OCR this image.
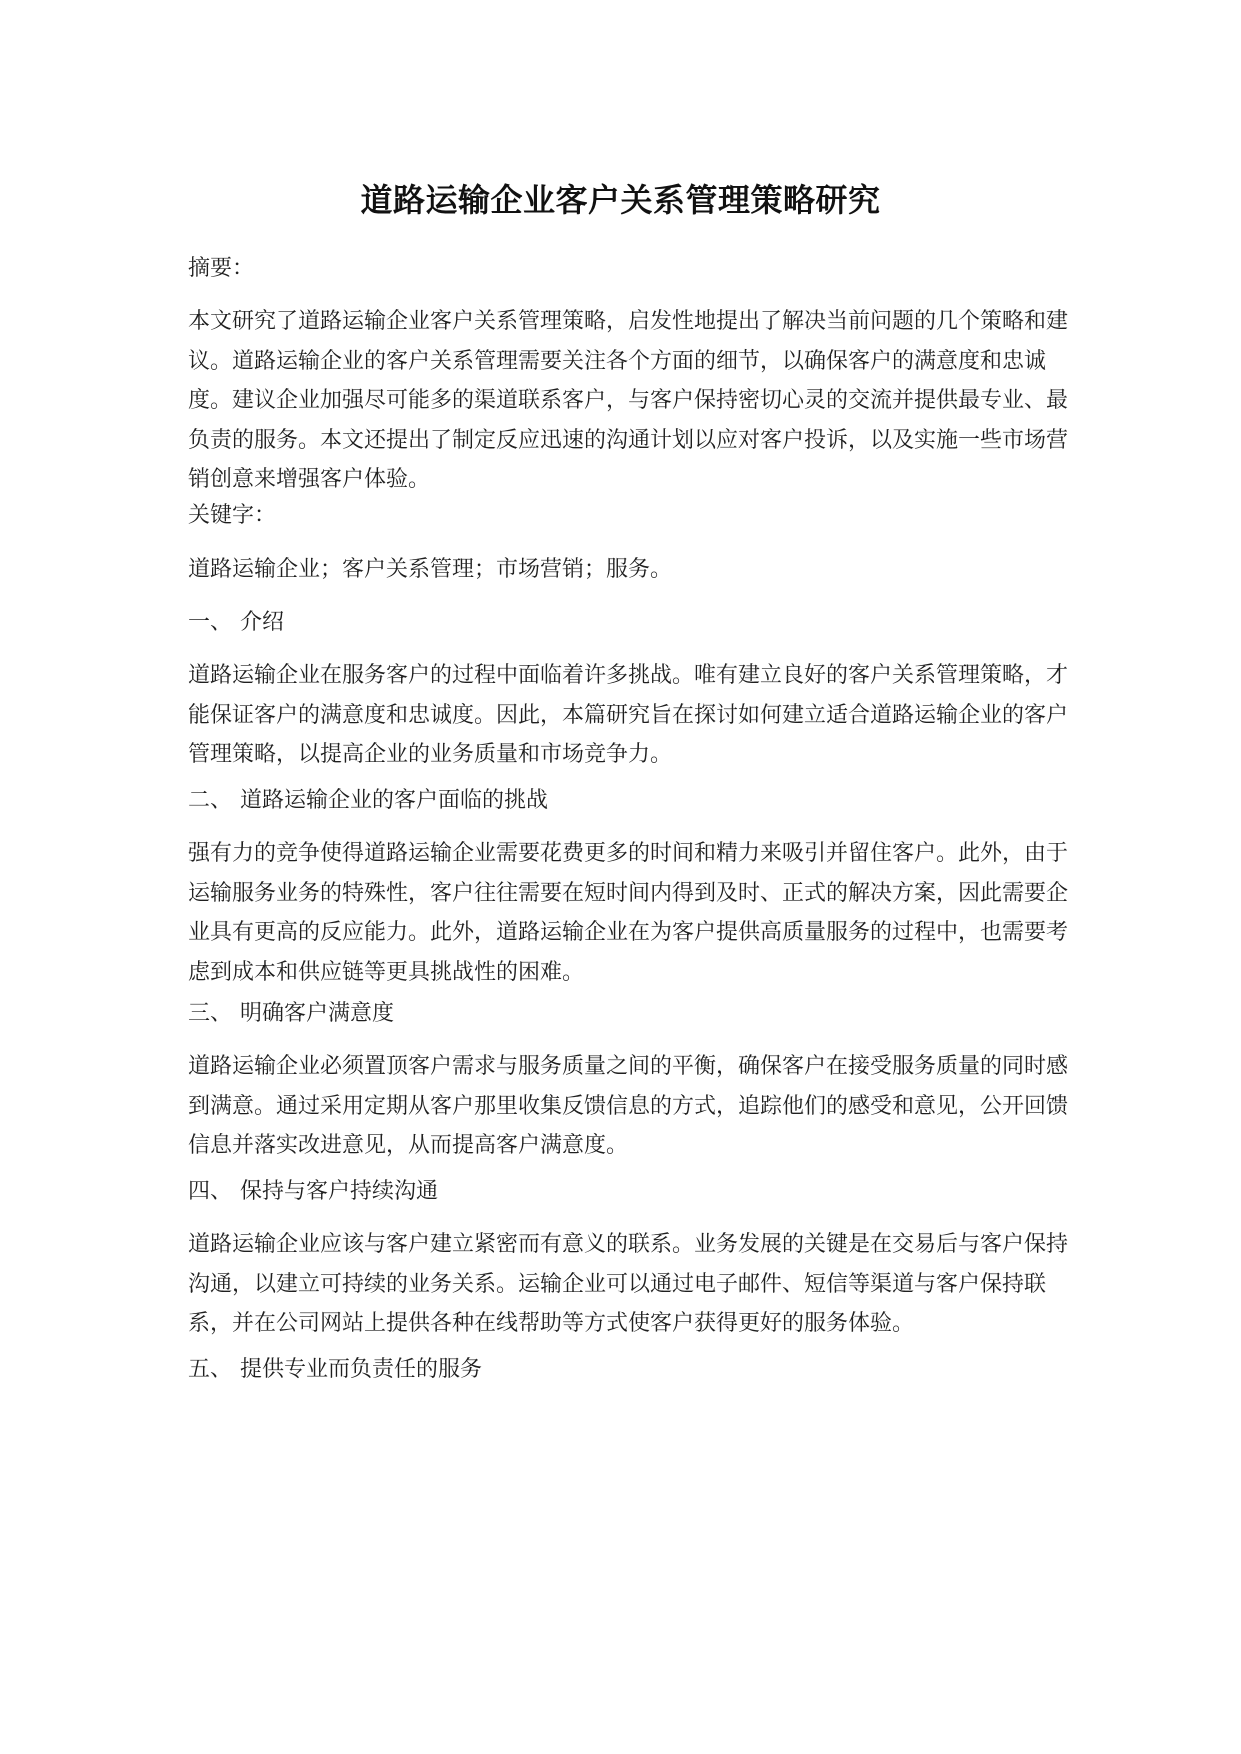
道路运输企业客户关系管理策略研究
摘要：

本文研究了道路运输企业客户关系管理策略，启发性地提出了解决当前问题的几个策略和建议。道路运输企业的客户关系管理需要关注各个方面的细节，以确保客户的满意度和忠诚度。建议企业加强尽可能多的渠道联系客户，与客户保持密切心灵的交流并提供最专业、最负责的服务。本文还提出了制定反应迅速的沟通计划以应对客户投诉，以及实施一些市场营销创意来增强客户体验。

关键字：

道路运输企业；客户关系管理；市场营销；服务。

一、 介绍

道路运输企业在服务客户的过程中面临着许多挑战。唯有建立良好的客户关系管理策略，才能保证客户的满意度和忠诚度。因此，本篇研究旨在探讨如何建立适合道路运输企业的客户管理策略，以提高企业的业务质量和市场竞争力。

二、 道路运输企业的客户面临的挑战

强有力的竞争使得道路运输企业需要花费更多的时间和精力来吸引并留住客户。此外，由于运输服务业务的特殊性，客户往往需要在短时间内得到及时、正式的解决方案，因此需要企业具有更高的反应能力。此外，道路运输企业在为客户提供高质量服务的过程中，也需要考虑到成本和供应链等更具挑战性的困难。

三、 明确客户满意度

道路运输企业必须置顶客户需求与服务质量之间的平衡，确保客户在接受服务质量的同时感到满意。通过采用定期从客户那里收集反馈信息的方式，追踪他们的感受和意见，公开回馈信息并落实改进意见，从而提高客户满意度。

四、 保持与客户持续沟通

道路运输企业应该与客户建立紧密而有意义的联系。业务发展的关键是在交易后与客户保持沟通，以建立可持续的业务关系。运输企业可以通过电子邮件、短信等渠道与客户保持联系，并在公司网站上提供各种在线帮助等方式使客户获得更好的服务体验。

五、 提供专业而负责任的服务
